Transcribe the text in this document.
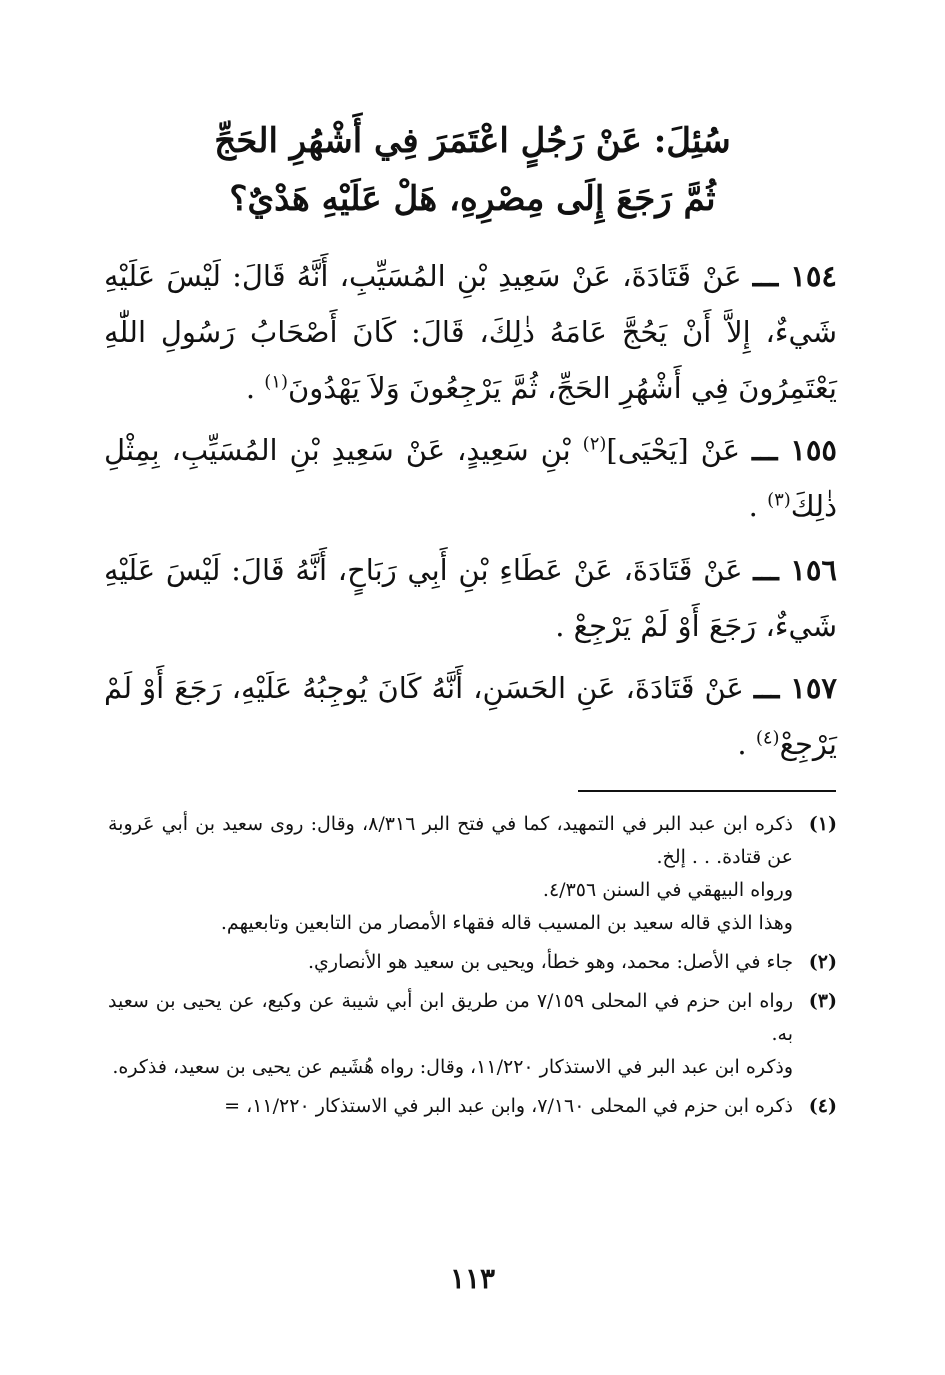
سُئِلَ: عَنْ رَجُلٍ اعْتَمَرَ فِي أَشْهُرِ الحَجِّ
ثُمَّ رَجَعَ إِلَى مِصْرِهِ، هَلْ عَلَيْهِ هَدْيٌ؟
١٥٤ ـــ عَنْ قَتَادَةَ، عَنْ سَعِيدِ بْنِ المُسَيِّبِ، أَنَّهُ قَالَ: لَيْسَ عَلَيْهِ شَيءٌ، إِلاَّ أَنْ يَحُجَّ عَامَهُ ذٰلِكَ، قَالَ: كَانَ أَصْحَابُ رَسُولِ اللّٰهِ يَعْتَمِرُونَ فِي أَشْهُرِ الحَجِّ، ثُمَّ يَرْجِعُونَ وَلاَ يَهْدُونَ$^{(١)}$ .
١٥٥ ـــ عَنْ [يَحْيَى]$^{(٢)}$ بْنِ سَعِيدٍ، عَنْ سَعِيدِ بْنِ المُسَيِّبِ، بِمِثْلِ ذٰلِكَ$^{(٣)}$ .
١٥٦ ـــ عَنْ قَتَادَةَ، عَنْ عَطَاءِ بْنِ أَبِي رَبَاحٍ، أَنَّهُ قَالَ: لَيْسَ عَلَيْهِ شَيءٌ، رَجَعَ أَوْ لَمْ يَرْجِعْ .
١٥٧ ـــ عَنْ قَتَادَةَ، عَنِ الحَسَنِ، أَنَّهُ كَانَ يُوجِبُهُ عَلَيْهِ، رَجَعَ أَوْ لَمْ يَرْجِعْ$^{(٤)}$ .
(١)

ذكره ابن عبد البر في التمهيد، كما في فتح البر ٨/٣١٦، وقال: روى سعيد بن أبي عَروبة عن قتادة. . . إلخ.

ورواه البيهقي في السنن ٤/٣٥٦.

وهذا الذي قاله سعيد بن المسيب قاله فقهاء الأمصار من التابعين وتابعيهم.

(٢)

جاء في الأصل: محمد، وهو خطأ، ويحيى بن سعيد هو الأنصاري.

(٣)

رواه ابن حزم في المحلى ٧/١٥٩ من طريق ابن أبي شيبة عن وكيع، عن يحيى بن سعيد به.

وذكره ابن عبد البر في الاستذكار ١١/٢٢٠، وقال: رواه هُشَيم عن يحيى بن سعيد، فذكره.

(٤)

ذكره ابن حزم في المحلى ٧/١٦٠، وابن عبد البر في الاستذكار ١١/٢٢٠، =

١١٣
